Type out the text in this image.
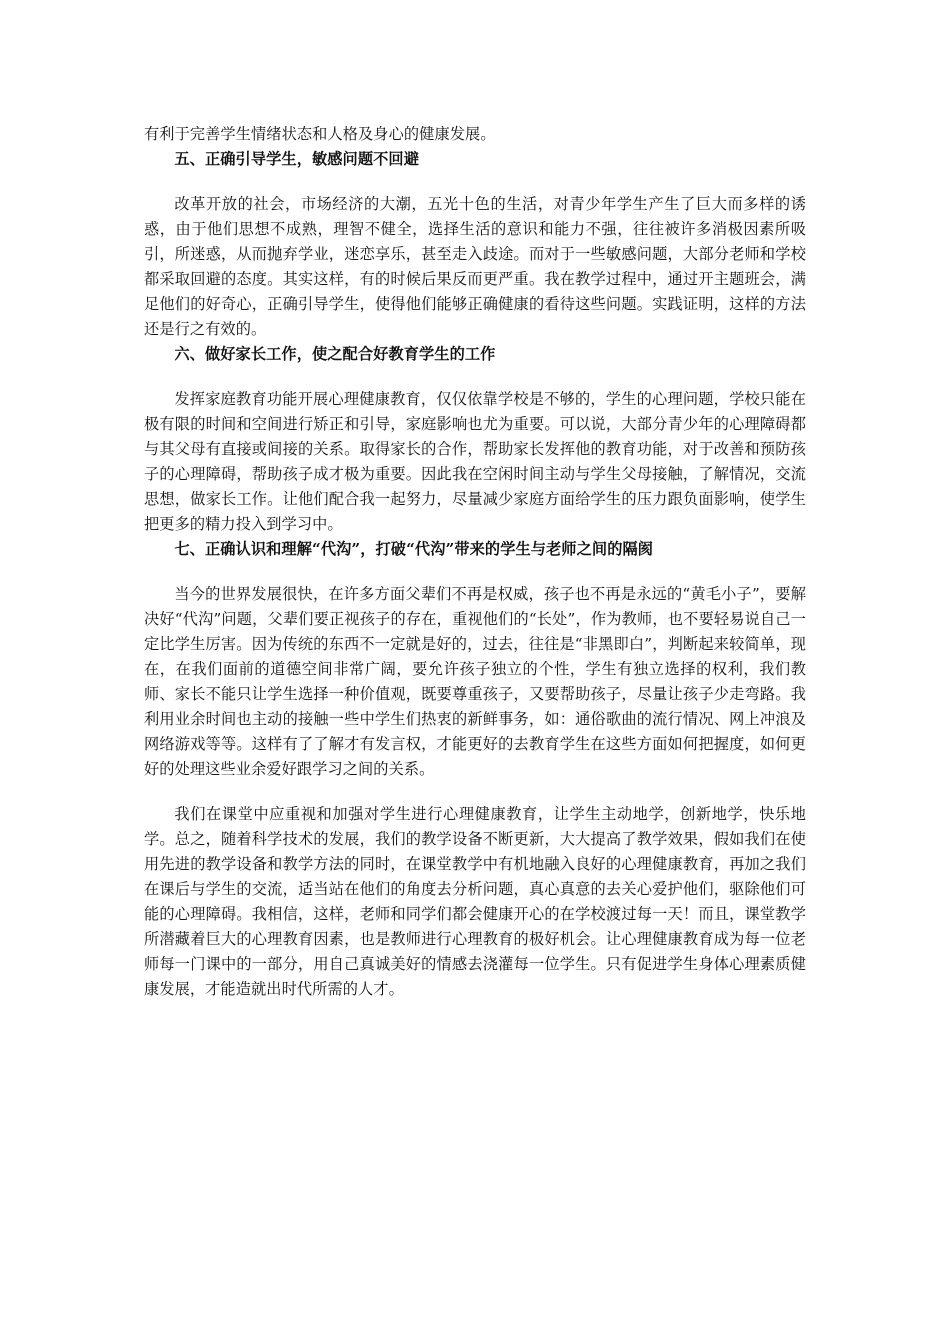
有利于完善学生情绪状态和人格及身心的健康发展。

五、正确引导学生，敏感问题不回避

改革开放的社会，市场经济的大潮，五光十色的生活，对青少年学生产生了巨大而多样的诱惑，由于他们思想不成熟，理智不健全，选择生活的意识和能力不强，往往被许多消极因素所吸引，所迷惑，从而抛弃学业，迷恋享乐，甚至走入歧途。而对于一些敏感问题，大部分老师和学校都采取回避的态度。其实这样，有的时候后果反而更严重。我在教学过程中，通过开主题班会，满足他们的好奇心，正确引导学生，使得他们能够正确健康的看待这些问题。实践证明，这样的方法还是行之有效的。

六、做好家长工作，使之配合好教育学生的工作

发挥家庭教育功能开展心理健康教育，仅仅依靠学校是不够的，学生的心理问题，学校只能在极有限的时间和空间进行矫正和引导，家庭影响也尤为重要。可以说，大部分青少年的心理障碍都与其父母有直接或间接的关系。取得家长的合作，帮助家长发挥他的教育功能，对于改善和预防孩子的心理障碍，帮助孩子成才极为重要。因此我在空闲时间主动与学生父母接触，了解情况，交流思想，做家长工作。让他们配合我一起努力，尽量减少家庭方面给学生的压力跟负面影响，使学生把更多的精力投入到学习中。

七、正确认识和理解“代沟”，打破“代沟”带来的学生与老师之间的隔阂

当今的世界发展很快，在许多方面父辈们不再是权威，孩子也不再是永远的“黄毛小子”，要解决好“代沟”问题，父辈们要正视孩子的存在，重视他们的“长处”，作为教师，也不要轻易说自己一定比学生厉害。因为传统的东西不一定就是好的，过去，往往是“非黑即白”，判断起来较简单，现在，在我们面前的道德空间非常广阔，要允许孩子独立的个性，学生有独立选择的权利，我们教师、家长不能只让学生选择一种价值观，既要尊重孩子，又要帮助孩子，尽量让孩子少走弯路。我利用业余时间也主动的接触一些中学生们热衷的新鲜事务，如：通俗歌曲的流行情况、网上冲浪及网络游戏等等。这样有了了解才有发言权，才能更好的去教育学生在这些方面如何把握度，如何更好的处理这些业余爱好跟学习之间的关系。

我们在课堂中应重视和加强对学生进行心理健康教育，让学生主动地学，创新地学，快乐地学。总之，随着科学技术的发展，我们的教学设备不断更新，大大提高了教学效果，假如我们在使用先进的教学设备和教学方法的同时，在课堂教学中有机地融入良好的心理健康教育，再加之我们在课后与学生的交流，适当站在他们的角度去分析问题，真心真意的去关心爱护他们，驱除他们可能的心理障碍。我相信，这样，老师和同学们都会健康开心的在学校渡过每一天！而且，课堂教学所潜藏着巨大的心理教育因素，也是教师进行心理教育的极好机会。让心理健康教育成为每一位老师每一门课中的一部分，用自己真诚美好的情感去浇灌每一位学生。只有促进学生身体心理素质健康发展，才能造就出时代所需的人才。
